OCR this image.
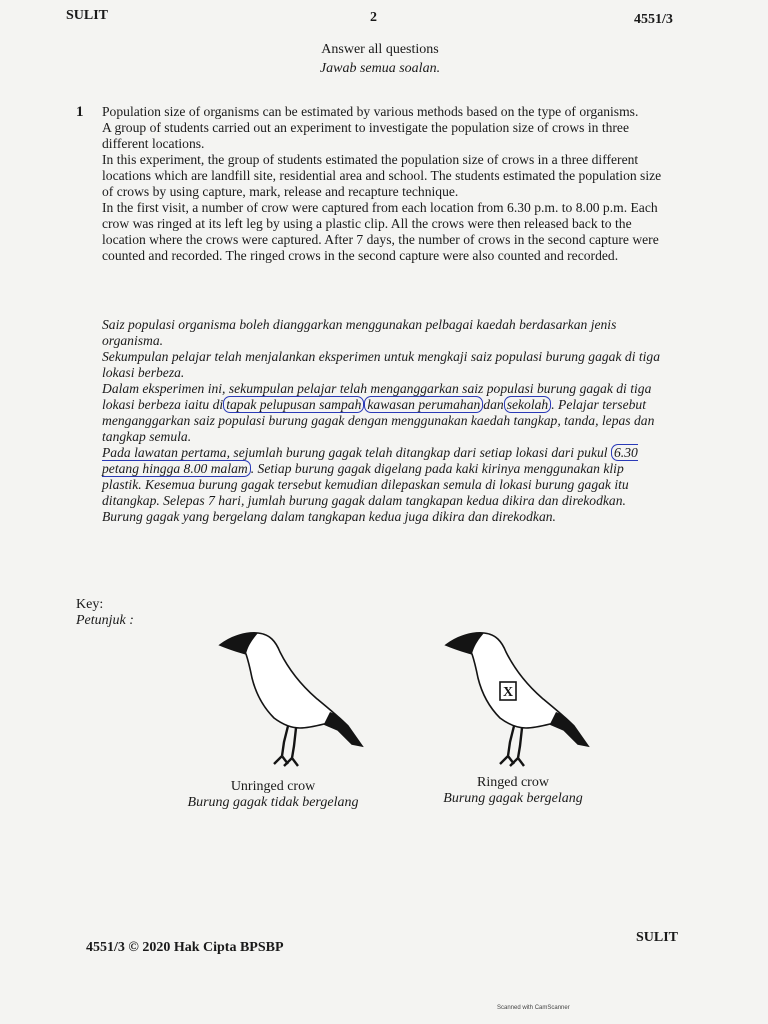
SULIT	2	4551/3
Answer all questions
Jawab semua soalan.
1 Population size of organisms can be estimated by various methods based on the type of organisms.

A group of students carried out an experiment to investigate the population size of crows in three different locations.

In this experiment, the group of students estimated the population size of crows in a three different locations which are landfill site, residential area and school. The students estimated the population size of crows by using capture, mark, release and recapture technique.

In the first visit, a number of crow were captured from each location from 6.30 p.m. to 8.00 p.m. Each crow was ringed at its left leg by using a plastic clip. All the crows were then released back to the location where the crows were captured. After 7 days, the number of crows in the second capture were counted and recorded. The ringed crows in the second capture were also counted and recorded.

Saiz populasi organisma boleh dianggarkan menggunakan pelbagai kaedah berdasarkan jenis organisma.

Sekumpulan pelajar telah menjalankan eksperimen untuk mengkaji saiz populasi burung gagak di tiga lokasi berbeza.

Dalam eksperimen ini, sekumpulan pelajar telah menganggarkan saiz populasi burung gagak di tiga lokasi berbeza iaitu di tapak pelupusan sampah kawasan perumahan dan sekolah . Pelajar tersebut menganggarkan saiz populasi burung gagak dengan menggunakan kaedah tangkap, tanda, lepas dan tangkap semula.

Pada lawatan pertama, sejumlah burung gagak telah ditangkap dari setiap lokasi dari pukul 6.30 petang hingga 8.00 malam . Setiap burung gagak digelang pada kaki kirinya menggunakan klip plastik. Kesemua burung gagak tersebut kemudian dilepaskan semula di lokasi burung gagak itu ditangkap. Selepas 7 hari, jumlah burung gagak dalam tangkapan kedua dikira dan direkodkan. Burung gagak yang bergelang dalam tangkapan kedua juga dikira dan direkodkan.

Key:
Petunjuk :
X
Unringed crow
Burung gagak tidak bergelang
Ringed crow
Burung gagak bergelang
4551/3 © 2020 Hak Cipta BPSBP
SULIT
Scanned with CamScanner
